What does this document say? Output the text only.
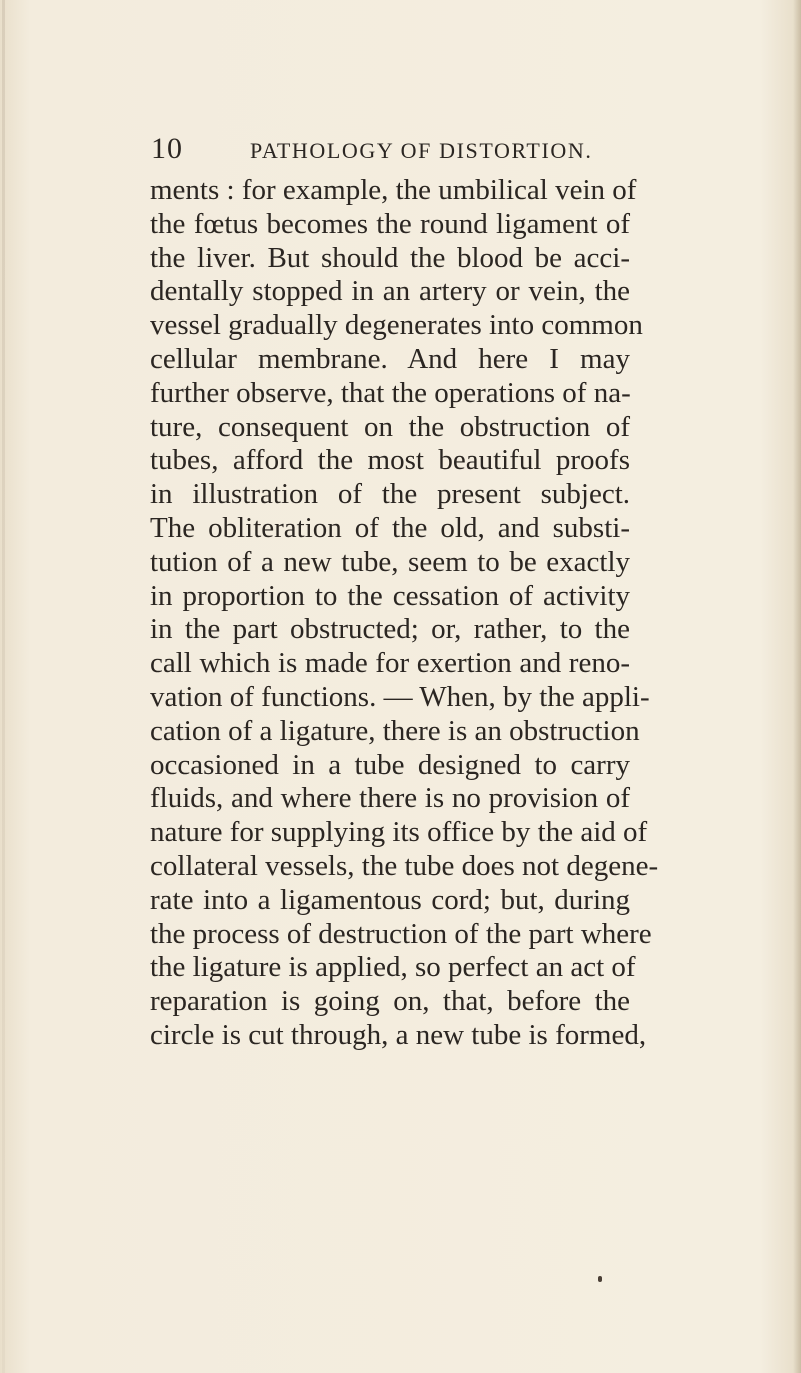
10	PATHOLOGY OF DISTORTION.
ments : for example, the umbilical vein of
the fœtus becomes the round ligament of
the liver. But should the blood be acci-
dentally stopped in an artery or vein, the
vessel gradually degenerates into common
cellular membrane. And here I may
further observe, that the operations of na-
ture, consequent on the obstruction of
tubes, afford the most beautiful proofs
in illustration of the present subject.
The obliteration of the old, and substi-
tution of a new tube, seem to be exactly
in proportion to the cessation of activity
in the part obstructed; or, rather, to the
call which is made for exertion and reno-
vation of functions. — When, by the appli-
cation of a ligature, there is an obstruction
occasioned in a tube designed to carry
fluids, and where there is no provision of
nature for supplying its office by the aid of
collateral vessels, the tube does not degene-
rate into a ligamentous cord; but, during
the process of destruction of the part where
the ligature is applied, so perfect an act of
reparation is going on, that, before the
circle is cut through, a new tube is formed,
